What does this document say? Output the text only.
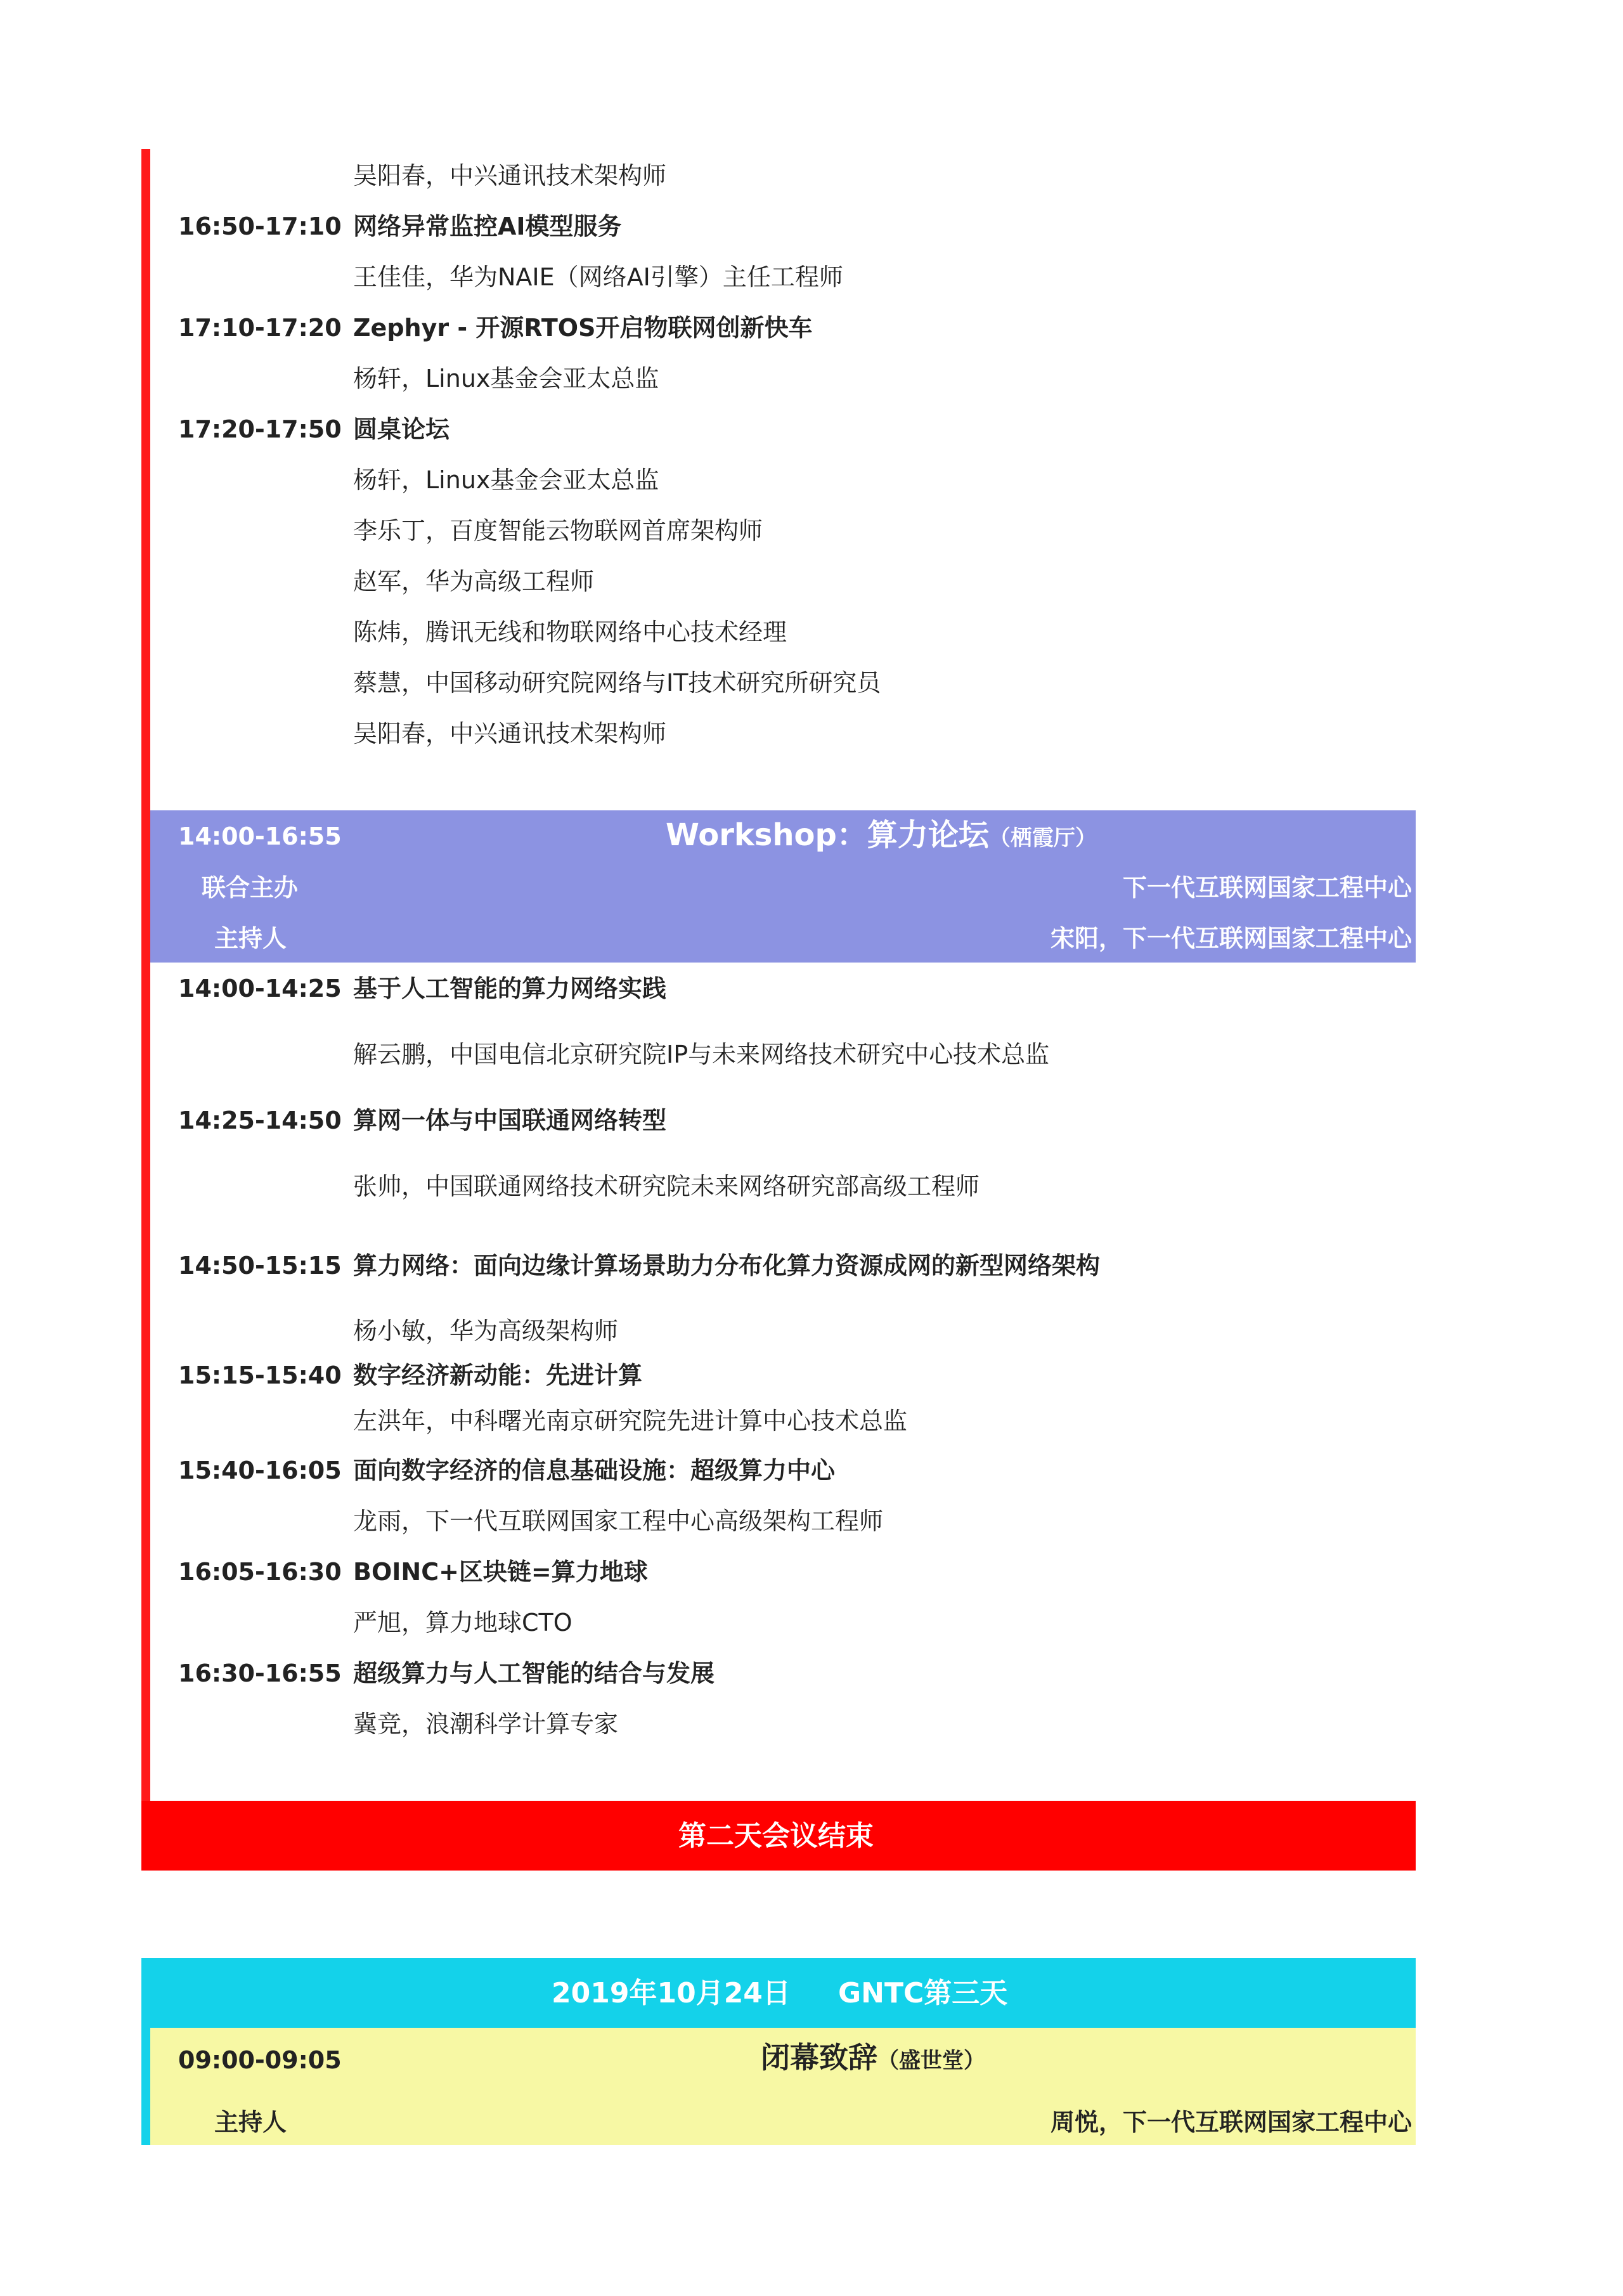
吴阳春，中兴通讯技术架构师
16:50-17:10 网络异常监控AI模型服务
王佳佳，华为NAIE（网络AI引擎）主任工程师
17:10-17:20 Zephyr - 开源RTOS开启物联网创新快车
杨轩，Linux基金会亚太总监
17:20-17:50 圆桌论坛
杨轩，Linux基金会亚太总监
李乐丁，百度智能云物联网首席架构师
赵军，华为高级工程师
陈炜，腾讯无线和物联网络中心技术经理
蔡慧，中国移动研究院网络与IT技术研究所研究员
吴阳春，中兴通讯技术架构师
14:00-16:55	Workshop：算力论坛（栖霞厅）
联合主办	下一代互联网国家工程中心
主持人	宋阳，下一代互联网国家工程中心
14:00-14:25 基于人工智能的算力网络实践
解云鹏，中国电信北京研究院IP与未来网络技术研究中心技术总监
14:25-14:50 算网一体与中国联通网络转型
张帅，中国联通网络技术研究院未来网络研究部高级工程师
14:50-15:15 算力网络：面向边缘计算场景助力分布化算力资源成网的新型网络架构
杨小敏，华为高级架构师
15:15-15:40 数字经济新动能：先进计算
左洪年，中科曙光南京研究院先进计算中心技术总监
15:40-16:05 面向数字经济的信息基础设施：超级算力中心
龙雨，下一代互联网国家工程中心高级架构工程师
16:05-16:30 BOINC+区块链=算力地球
严旭，算力地球CTO
16:30-16:55 超级算力与人工智能的结合与发展
冀竞，浪潮科学计算专家
第二天会议结束
2019年10月24日 GNTC第三天
09:00-09:05	闭幕致辞（盛世堂）
主持人	周悦，下一代互联网国家工程中心
